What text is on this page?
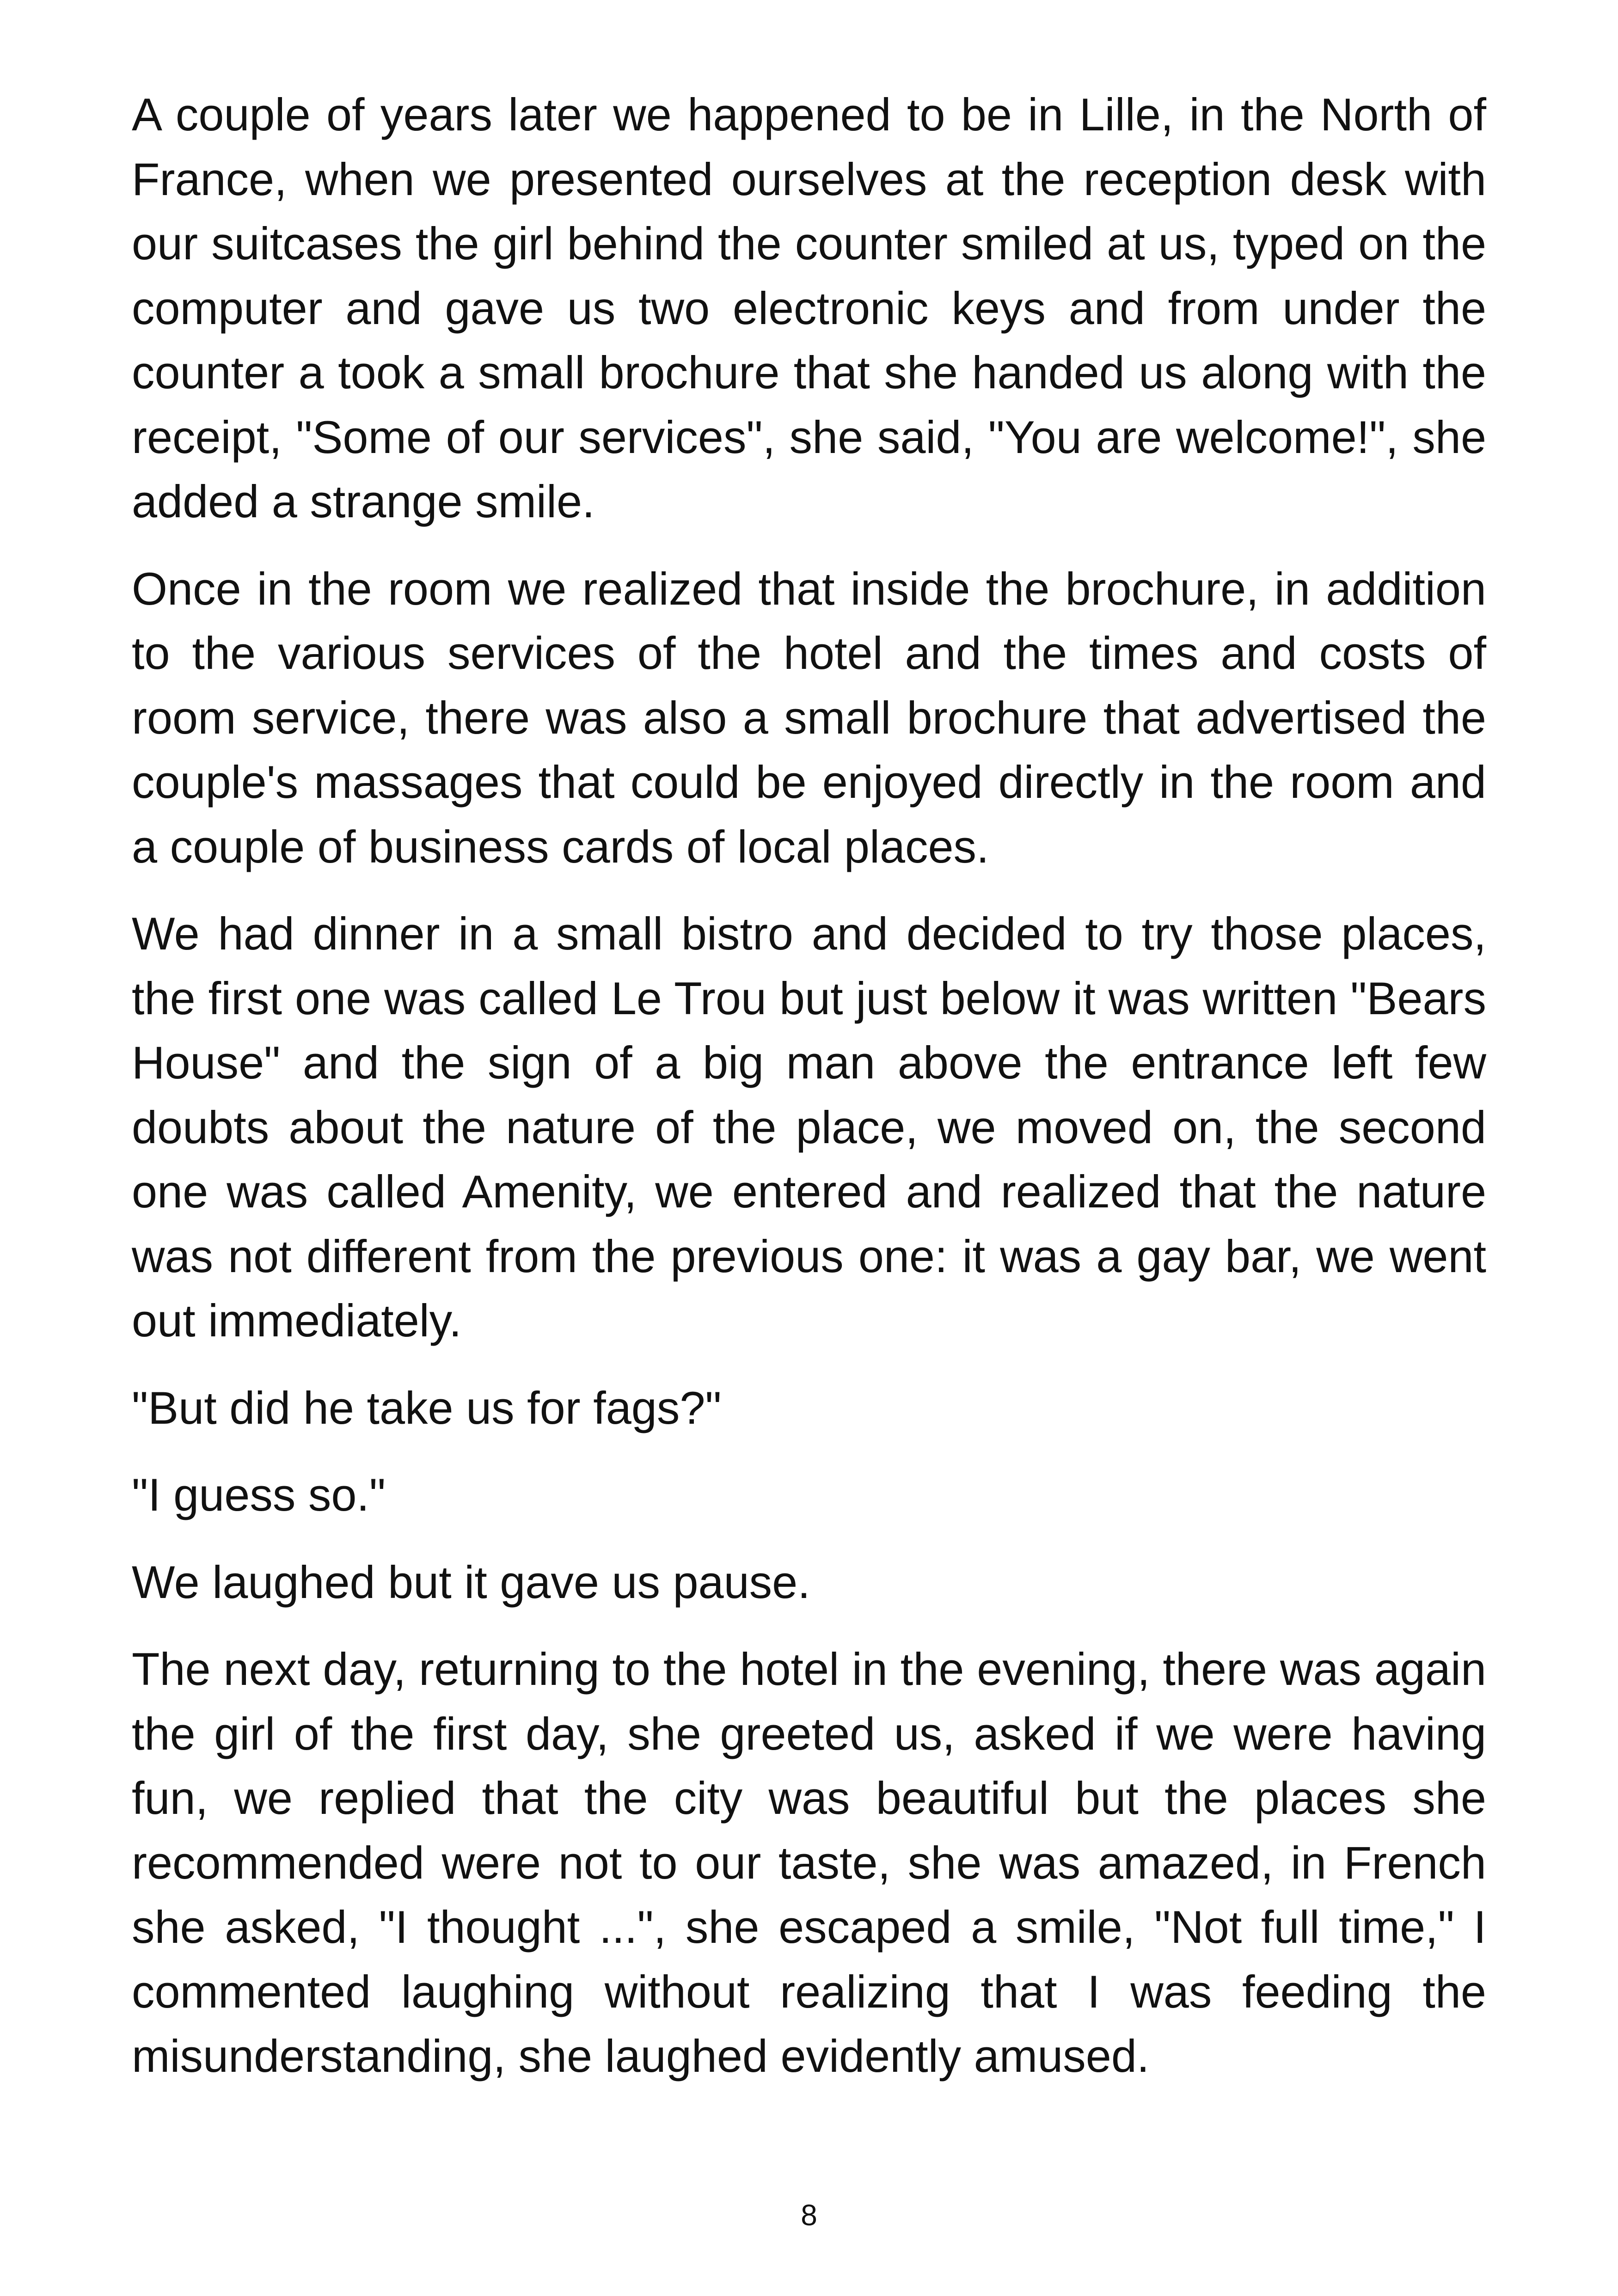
A couple of years later we happened to be in Lille, in the North of France, when we presented ourselves at the reception desk with our suitcases the girl behind the counter smiled at us, typed on the computer and gave us two electronic keys and from under the counter a took a small brochure that she handed us along with the receipt, "Some of our services", she said, "You are welcome!", she added a strange smile.

Once in the room we realized that inside the brochure, in addition to the various services of the hotel and the times and costs of room service, there was also a small brochure that advertised the couple's massages that could be enjoyed directly in the room and a couple of business cards of local places.

We had dinner in a small bistro and decided to try those places, the first one was called Le Trou but just below it was written "Bears House" and the sign of a big man above the entrance left few doubts about the nature of the place, we moved on, the second one was called Amenity, we entered and realized that the nature was not different from the previous one: it was a gay bar, we went out immediately.

"But did he take us for fags?"

"I guess so."

We laughed but it gave us pause.

The next day, returning to the hotel in the evening, there was again the girl of the first day, she greeted us, asked if we were having fun, we replied that the city was beautiful but the places she recommended were not to our taste, she was amazed, in French she asked, "I thought ...", she escaped a smile, "Not full time," I commented laughing without realizing that I was feeding the misunderstanding, she laughed evidently amused.

8
